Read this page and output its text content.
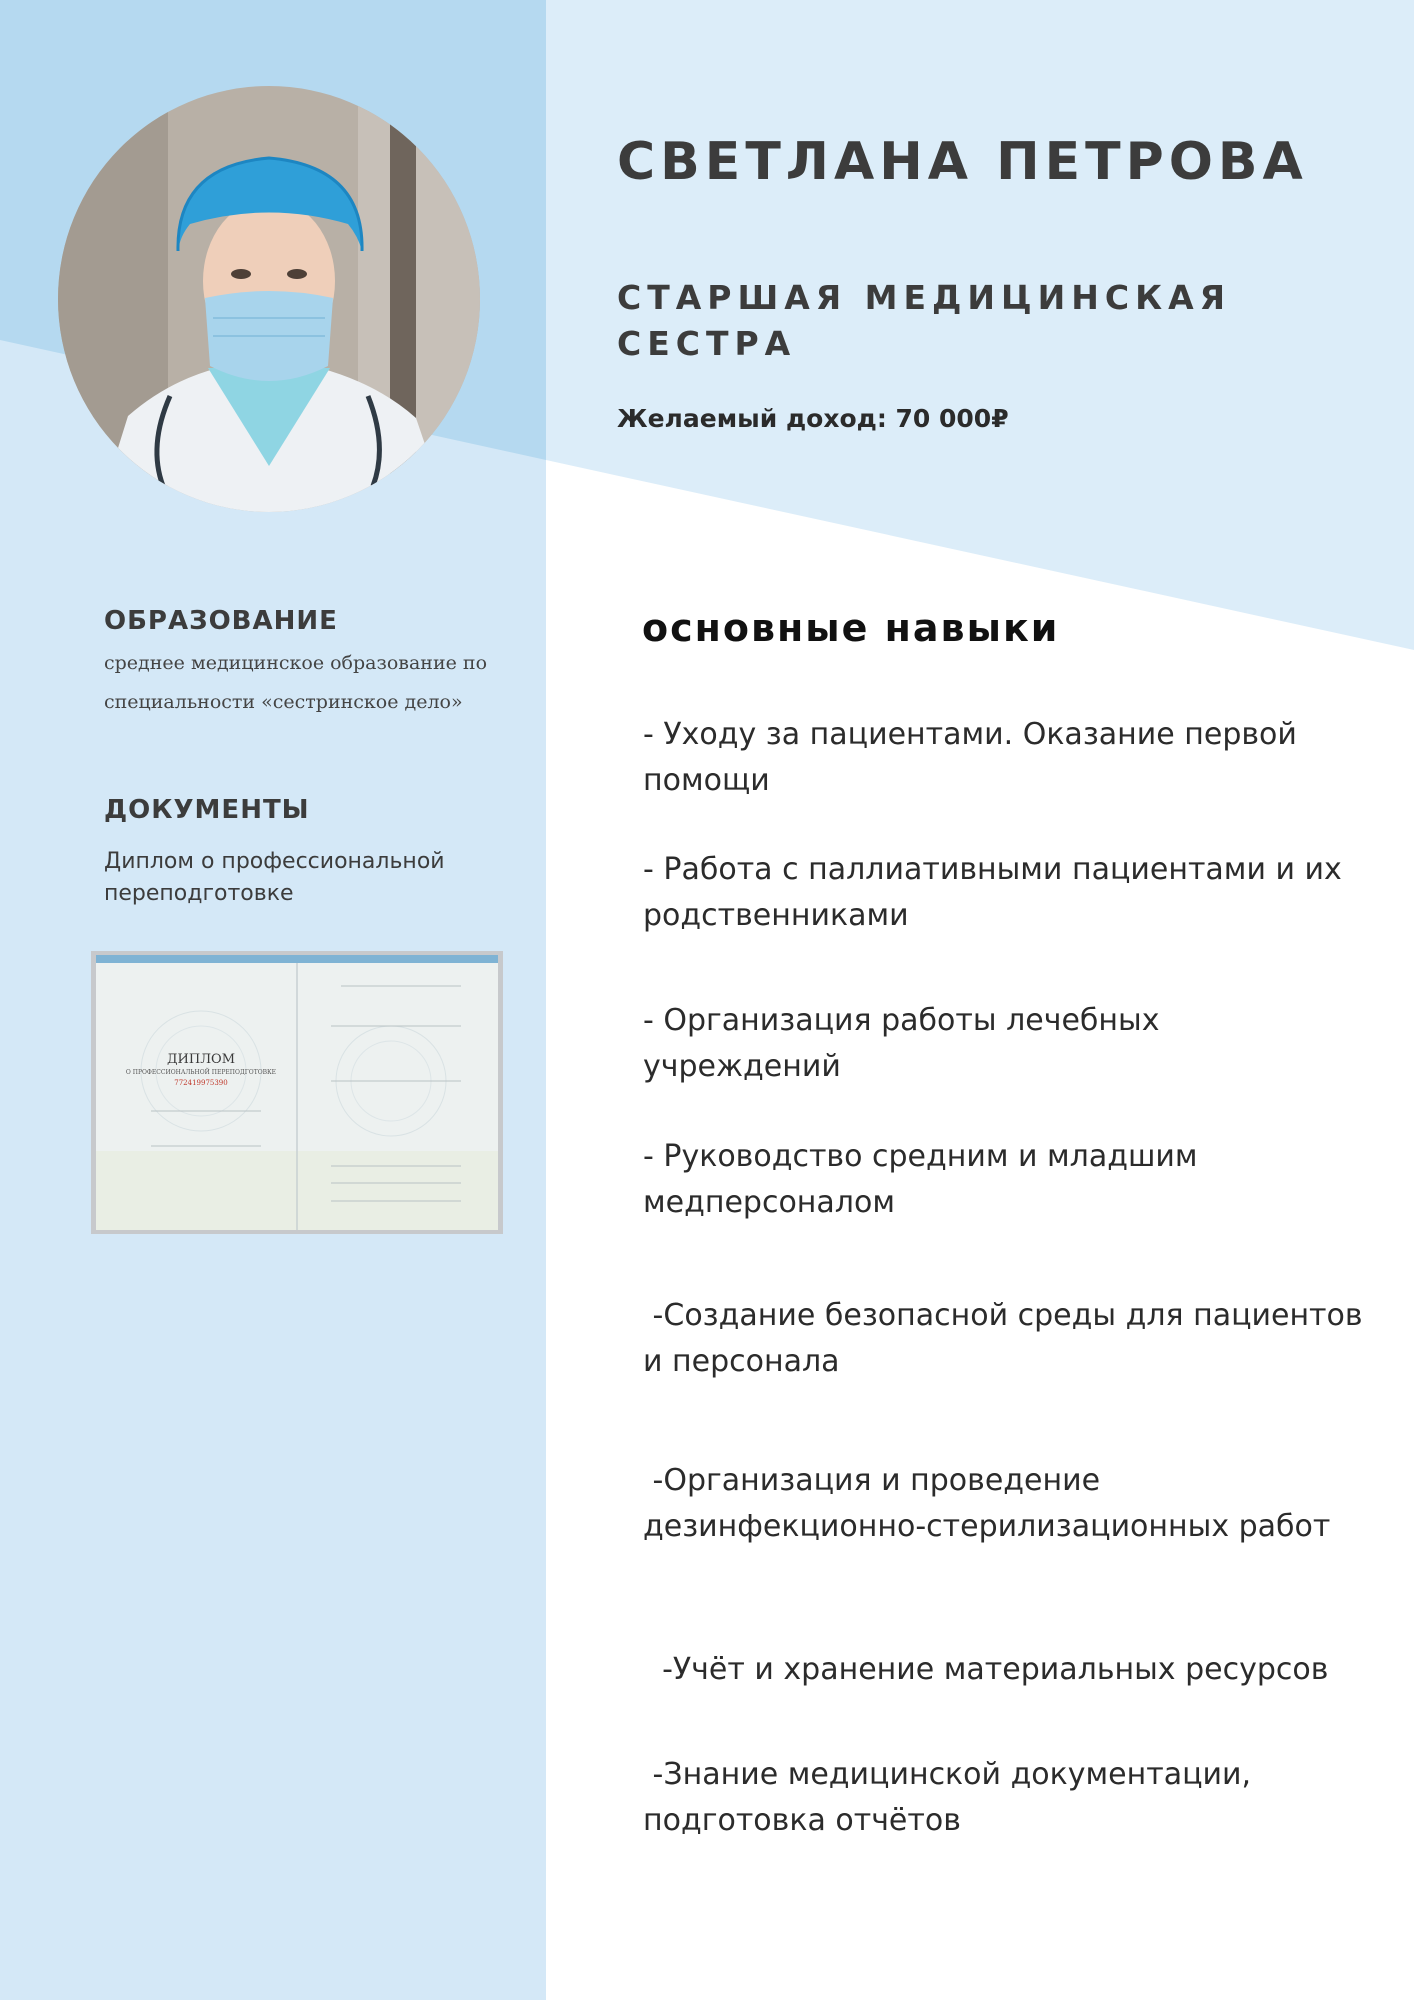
СВЕТЛАНА ПЕТРОВА
СТАРШАЯ МЕДИЦИНСКАЯ СЕСТРА

Желаемый доход: 70 000₽

ОБРАЗОВАНИЕ

среднее медицинское образование по специальности «сестринское дело»

ДОКУМЕНТЫ

Диплом о профессиональной переподготовке

ДИПЛОМ
О ПРОФЕССИОНАЛЬНОЙ ПЕРЕПОДГОТОВКЕ
772419975390
основные навыки

- Уходу за пациентами. Оказание первой помощи

- Работа с паллиативными пациентами и их родственниками

- Организация работы лечебных учреждений

- Руководство средним и младшим медперсоналом

-Создание безопасной среды для пациентов и персонала

-Организация и проведение дезинфекционно-стерилизационных работ

-Учёт и хранение материальных ресурсов

-Знание медицинской документации, подготовка отчётов
